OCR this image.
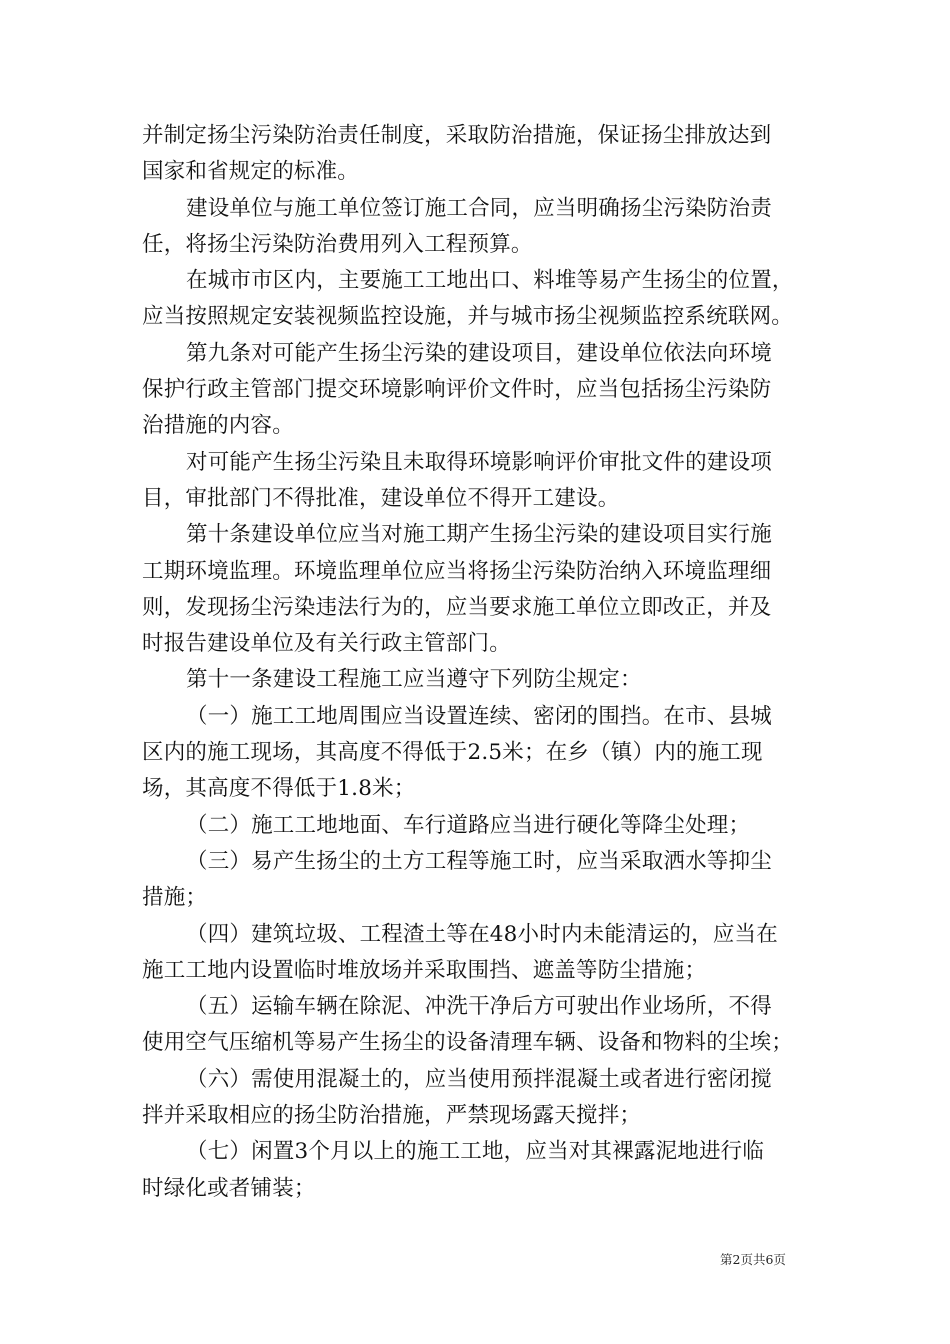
并制定扬尘污染防治责任制度，采取防治措施，保证扬尘排放达到
国家和省规定的标准。
建设单位与施工单位签订施工合同，应当明确扬尘污染防治责
任，将扬尘污染防治费用列入工程预算。
在城市市区内，主要施工工地出口、料堆等易产生扬尘的位置，
应当按照规定安装视频监控设施，并与城市扬尘视频监控系统联网。
第九条对可能产生扬尘污染的建设项目，建设单位依法向环境
保护行政主管部门提交环境影响评价文件时，应当包括扬尘污染防
治措施的内容。
对可能产生扬尘污染且未取得环境影响评价审批文件的建设项
目，审批部门不得批准，建设单位不得开工建设。
第十条建设单位应当对施工期产生扬尘污染的建设项目实行施
工期环境监理。环境监理单位应当将扬尘污染防治纳入环境监理细
则，发现扬尘污染违法行为的，应当要求施工单位立即改正，并及
时报告建设单位及有关行政主管部门。
第十一条建设工程施工应当遵守下列防尘规定：
（一）施工工地周围应当设置连续、密闭的围挡。在市、县城
区内的施工现场，其高度不得低于2.5米；在乡（镇）内的施工现
场，其高度不得低于1.8米；
（二）施工工地地面、车行道路应当进行硬化等降尘处理；
（三）易产生扬尘的土方工程等施工时，应当采取洒水等抑尘
措施；
（四）建筑垃圾、工程渣土等在48小时内未能清运的，应当在
施工工地内设置临时堆放场并采取围挡、遮盖等防尘措施；
（五）运输车辆在除泥、冲洗干净后方可驶出作业场所，不得
使用空气压缩机等易产生扬尘的设备清理车辆、设备和物料的尘埃；
（六）需使用混凝土的，应当使用预拌混凝土或者进行密闭搅
拌并采取相应的扬尘防治措施，严禁现场露天搅拌；
（七）闲置3个月以上的施工工地，应当对其裸露泥地进行临
时绿化或者铺装；
第2页共6页
